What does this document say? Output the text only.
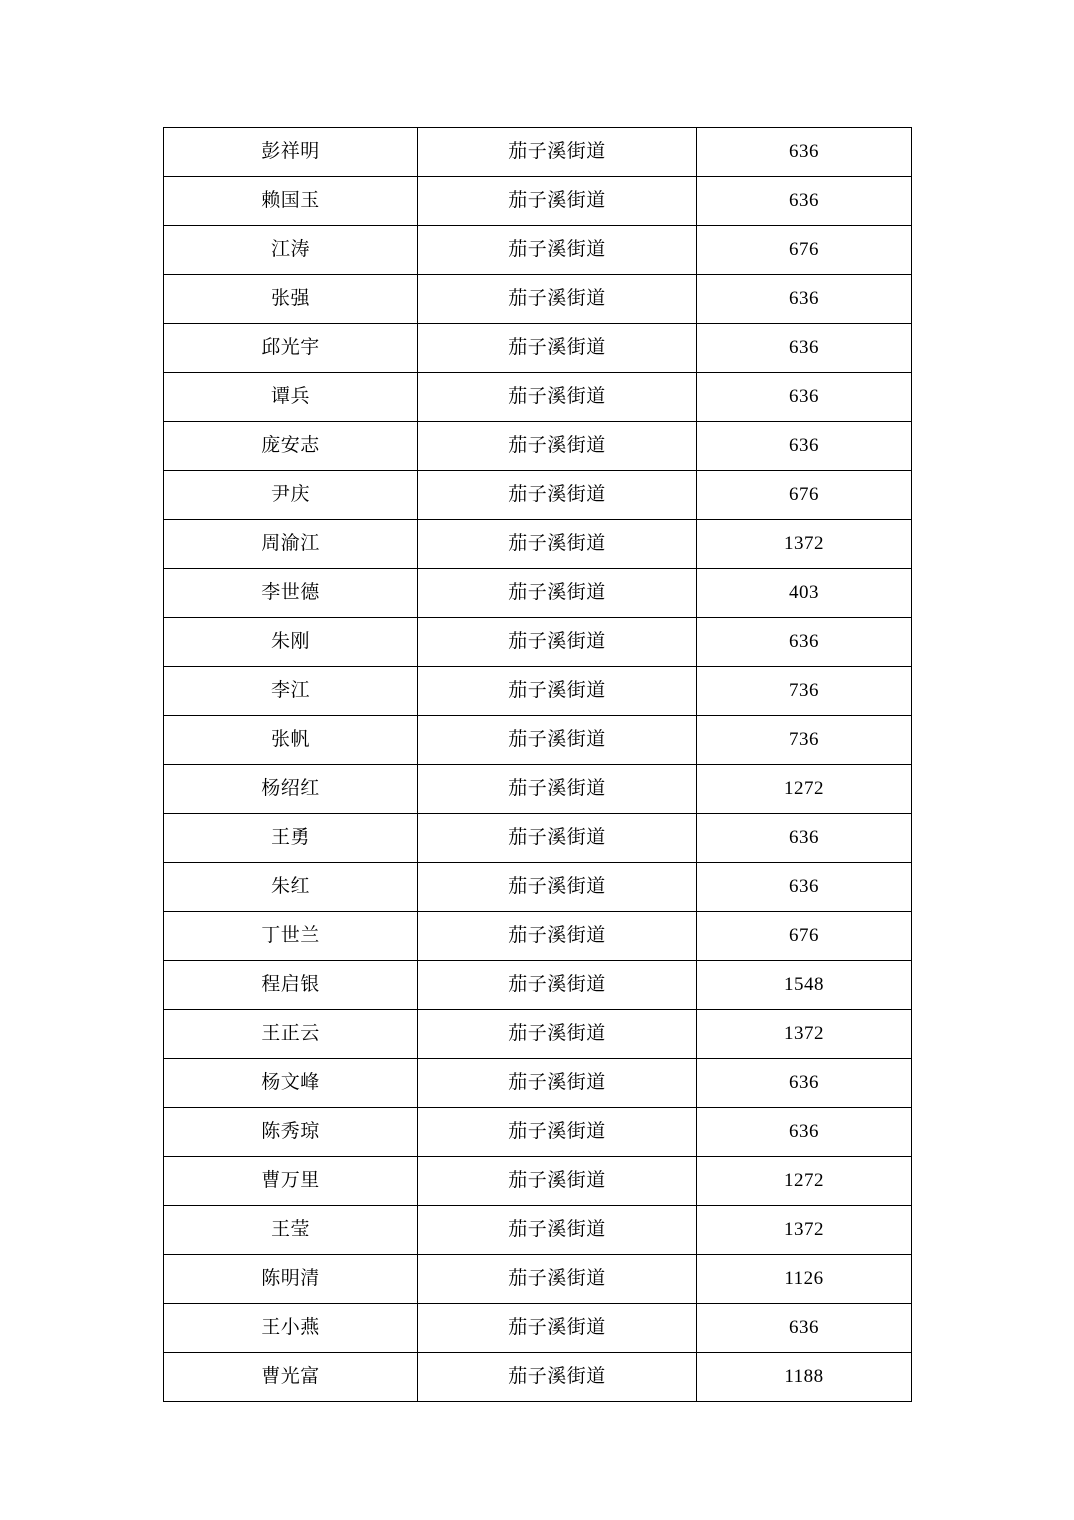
彭祥明	茄子溪街道	636
赖国玉	茄子溪街道	636
江涛	茄子溪街道	676
张强	茄子溪街道	636
邱光宇	茄子溪街道	636
谭兵	茄子溪街道	636
庞安志	茄子溪街道	636
尹庆	茄子溪街道	676
周渝江	茄子溪街道	1372
李世德	茄子溪街道	403
朱刚	茄子溪街道	636
李江	茄子溪街道	736
张帆	茄子溪街道	736
杨绍红	茄子溪街道	1272
王勇	茄子溪街道	636
朱红	茄子溪街道	636
丁世兰	茄子溪街道	676
程启银	茄子溪街道	1548
王正云	茄子溪街道	1372
杨文峰	茄子溪街道	636
陈秀琼	茄子溪街道	636
曹万里	茄子溪街道	1272
王莹	茄子溪街道	1372
陈明清	茄子溪街道	1126
王小燕	茄子溪街道	636
曹光富	茄子溪街道	1188
